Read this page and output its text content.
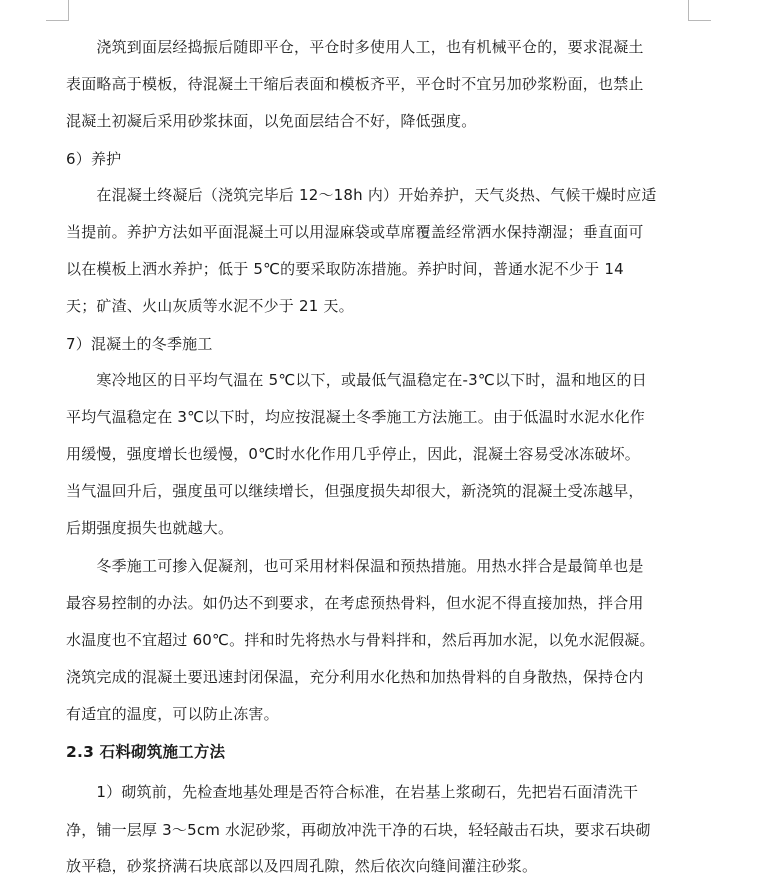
　　浇筑到面层经捣振后随即平仓，平仓时多使用人工，也有机械平仓的，要求混凝土
表面略高于模板，待混凝土干缩后表面和模板齐平，平仓时不宜另加砂浆粉面，也禁止
混凝土初凝后采用砂浆抹面，以免面层结合不好，降低强度。
6）养护
　　在混凝土终凝后（浇筑完毕后 12～18h 内）开始养护，天气炎热、气候干燥时应适
当提前。养护方法如平面混凝土可以用湿麻袋或草席覆盖经常洒水保持潮湿；垂直面可
以在模板上洒水养护；低于 5℃的要采取防冻措施。养护时间，普通水泥不少于 14
天；矿渣、火山灰质等水泥不少于 21 天。
7）混凝土的冬季施工
　　寒冷地区的日平均气温在 5℃以下，或最低气温稳定在-3℃以下时，温和地区的日
平均气温稳定在 3℃以下时，均应按混凝土冬季施工方法施工。由于低温时水泥水化作
用缓慢，强度增长也缓慢，0℃时水化作用几乎停止，因此，混凝土容易受冰冻破坏。
当气温回升后，强度虽可以继续增长，但强度损失却很大，新浇筑的混凝土受冻越早，
后期强度损失也就越大。
　　冬季施工可掺入促凝剂，也可采用材料保温和预热措施。用热水拌合是最简单也是
最容易控制的办法。如仍达不到要求，在考虑预热骨料，但水泥不得直接加热，拌合用
水温度也不宜超过 60℃。拌和时先将热水与骨料拌和，然后再加水泥，以免水泥假凝。
浇筑完成的混凝土要迅速封闭保温，充分利用水化热和加热骨料的自身散热，保持仓内
有适宜的温度，可以防止冻害。
2.3 石料砌筑施工方法
　　1）砌筑前，先检查地基处理是否符合标准，在岩基上浆砌石，先把岩石面清洗干
净，铺一层厚 3～5cm 水泥砂浆，再砌放冲洗干净的石块，轻轻敲击石块，要求石块砌
放平稳，砂浆挤满石块底部以及四周孔隙，然后依次向缝间灌注砂浆。
